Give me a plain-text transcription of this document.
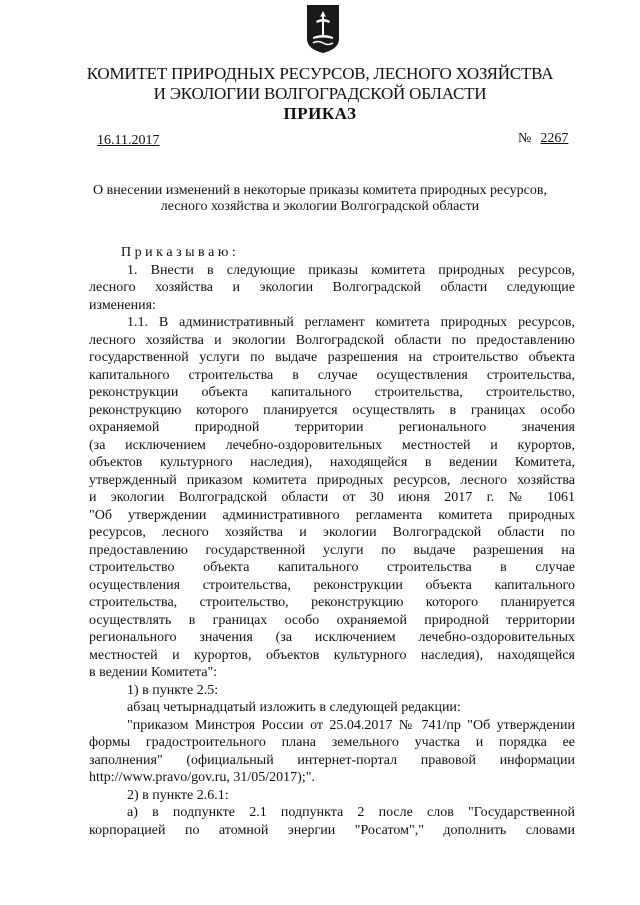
КОМИТЕТ ПРИРОДНЫХ РЕСУРСОВ, ЛЕСНОГО ХОЗЯЙСТВА
И ЭКОЛОГИИ ВОЛГОГРАДСКОЙ ОБЛАСТИ
ПРИКАЗ
16.11.2017	№ 2267
О внесении изменений в некоторые приказы комитета природных ресурсов,
лесного хозяйства и экологии Волгоградской области

П р и к а з ы в а ю :

1. Внести в следующие приказы комитета природных ресурсов,

лесного хозяйства и экологии Волгоградской области следующие

изменения:

1.1. В административный регламент комитета природных ресурсов,

лесного хозяйства и экологии Волгоградской области по предоставлению

государственной услуги по выдаче разрешения на строительство объекта

капитального строительства в случае осуществления строительства,

реконструкции объекта капитального строительства, строительство,

реконструкцию которого планируется осуществлять в границах особо

охраняемой природной территории регионального значения

(за исключением лечебно-оздоровительных местностей и курортов,

объектов культурного наследия), находящейся в ведении Комитета,

утвержденный приказом комитета природных ресурсов, лесного хозяйства

и экологии Волгоградской области от 30 июня 2017 г. № 1061

"Об утверждении административного регламента комитета природных

ресурсов, лесного хозяйства и экологии Волгоградской области по

предоставлению государственной услуги по выдаче разрешения на

строительство объекта капитального строительства в случае

осуществления строительства, реконструкции объекта капитального

строительства, строительство, реконструкцию которого планируется

осуществлять в границах особо охраняемой природной территории

регионального значения (за исключением лечебно-оздоровительных

местностей и курортов, объектов культурного наследия), находящейся

в ведении Комитета":

1) в пункте 2.5:

абзац четырнадцатый изложить в следующей редакции:

"приказом Минстроя России от 25.04.2017 № 741/пр "Об утверждении

формы градостроительного плана земельного участка и порядка ее

заполнения" (официальный интернет-портал правовой информации

http://www.pravo/gov.ru, 31/05/2017);".

2) в пункте 2.6.1:

а) в подпункте 2.1 подпункта 2 после слов "Государственной

корпорацией по атомной энергии "Росатом"," дополнить словами
